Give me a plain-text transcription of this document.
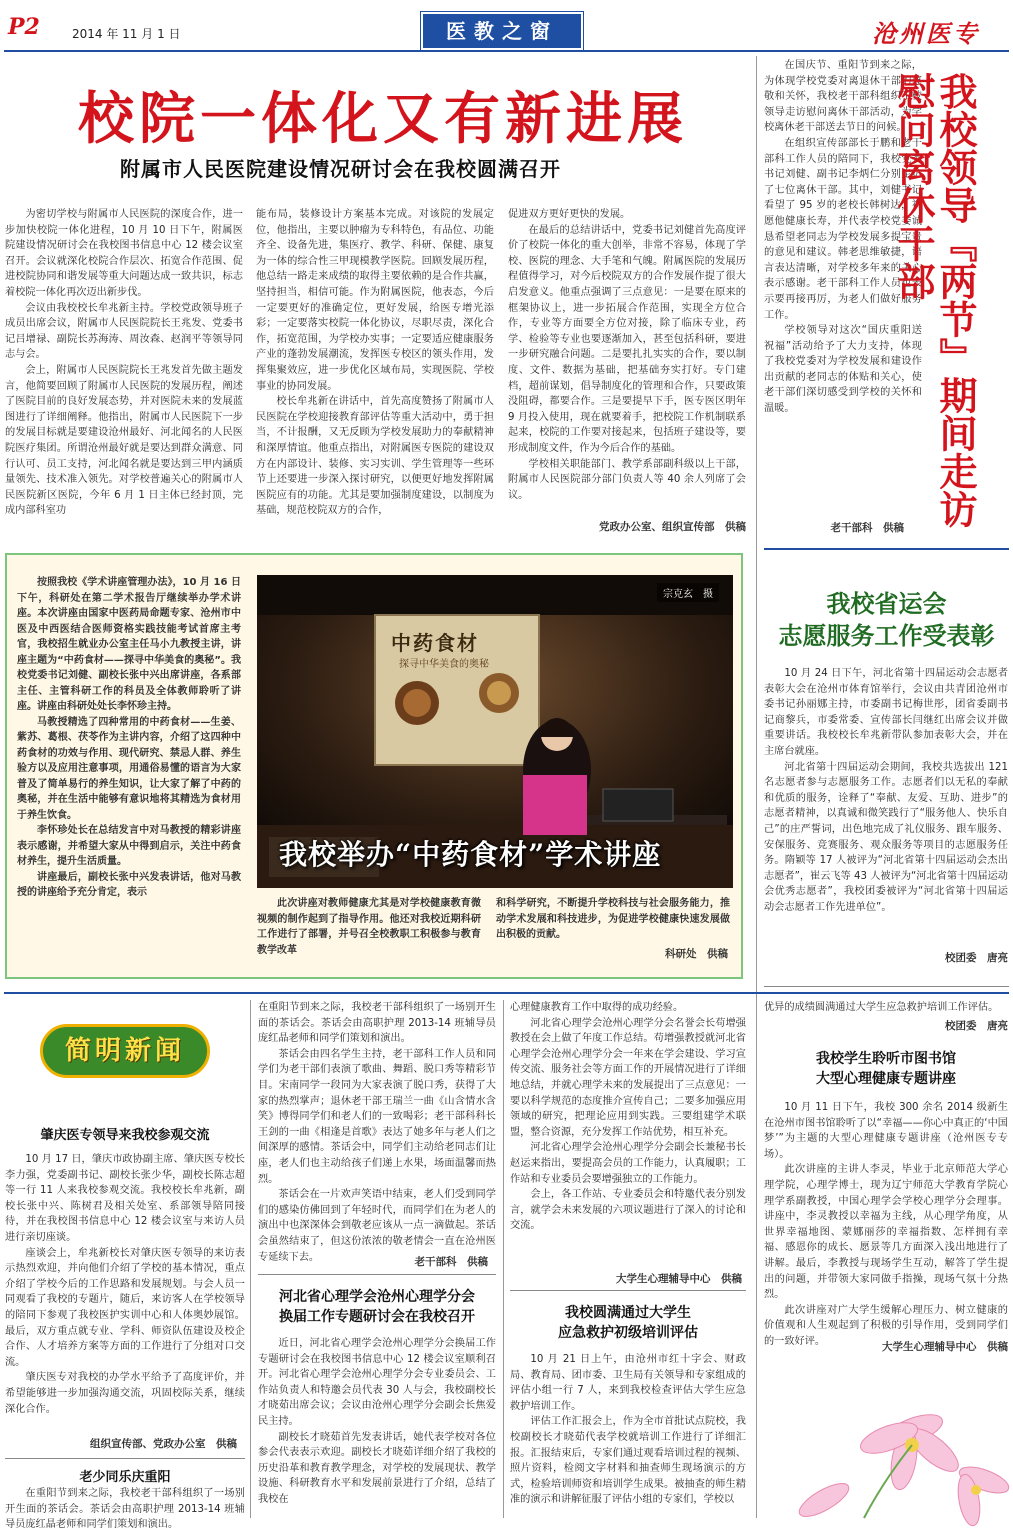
P2	2014 年 11 月 1 日	医教之窗	沧州医专
校院一体化又有新进展
附属市人民医院建设情况研讨会在我校圆满召开

为密切学校与附属市人民医院的深度合作，进一步加快校院一体化进程，10 月 10 日下午，附属医院建设情况研讨会在我校图书信息中心 12 楼会议室召开。会议就深化校院合作层次、拓宽合作范围、促进校院协同和谐发展等重大问题达成一致共识，标志着校院一体化再次迈出新步伐。

会议由我校校长牟兆新主持。学校党政领导班子成员出席会议，附属市人民医院院长王兆发、党委书记吕增禄、副院长苏海涛、周汝森、赵润平等领导同志与会。

会上，附属市人民医院院长王兆发首先做主题发言，他简要回顾了附属市人民医院的发展历程，阐述了医院目前的良好发展态势，并对医院未来的发展蓝图进行了详细阐释。他指出，附属市人民医院下一步的发展目标就是要建设沧州最好、河北闻名的人民医院医疗集团。所谓沧州最好就是要达到群众满意、同行认可、员工支持，河北闻名就是要达到三甲内涵质量领先、技术准入领先。对学校普遍关心的附属市人民医院新区医院，今年 6 月 1 日主体已经封顶，完成内部科室功

能布局，装修设计方案基本完成。对该院的发展定位，他指出，主要以肿瘤为专科特色，有品位、功能齐全、设备先进，集医疗、教学、科研、保健、康复为一体的综合性三甲现模教学医院。回顾发展历程，他总结一路走来成绩的取得主要依赖的是合作共赢，坚持担当，相信可能。作为附属医院，他表态，今后一定要更好的准确定位，更好发展，给医专增光添彩；一定要落实校院一体化协议，尽职尽责，深化合作，拓宽范围，为学校办实事；一定要适应健康服务产业的蓬勃发展潮流，发挥医专校区的领头作用，发挥集聚效应，进一步优化区域布局，实现医院、学校事业的协同发展。

校长牟兆新在讲话中，首先高度赞扬了附属市人民医院在学校迎接教育部评估等重大活动中，勇于担当，不计报酬，又无反顾为学校发展助力的奉献精神和深厚情谊。他重点指出，对附属医专医院的建设双方在内部设计、装修、实习实训、学生管理等一些环节上还要进一步深入探讨研究，以便更好地发挥附属医院应有的功能。尤其是要加强制度建设，以制度为基础，规范校院双方的合作，

促进双方更好更快的发展。

在最后的总结讲话中，党委书记刘健首先高度评价了校院一体化的重大创举，非常不容易，体现了学校、医院的理念、大手笔和气魄。附属医院的发展历程值得学习，对今后校院双方的合作发展作提了很大启发意义。他重点强调了三点意见：一是要在原来的框架协议上，进一步拓展合作范围，实现全方位合作，专业等方面要全方位对接，除了临床专业，药学、检验等专业也要逐渐加入，甚至包括科研，要进一步研究融合问题。二是要扎扎实实的合作，要以制度、文件、数据为基础，把基础夯实打好。专门建档，超前谋划，倡导制度化的管理和合作，只要政策没阻碍，都要合作。三是要提早下手，医专医区明年 9 月投入使用，现在就要着手，把校院工作机制联系起来，校院的工作要对接起来，包括班子建设等，要形成制度文件，作为今后合作的基础。

学校相关职能部门、教学系部副科级以上干部，附属市人民医院部分部门负责人等 40 余人列席了会议。

党政办公室、组织宣传部　供稿

在国庆节、重阳节到来之际，为体现学校党委对离退休干部的尊敬和关怀，我校老干部科组织了校领导走访慰问离休干部活动，为学校离休老干部送去节日的问候。

在组织宣传部部长于鹏和老干部科工作人员的陪同下，我校党委书记刘健、副书记李炳仁分别走访了七位离休干部。其中，刘健书记看望了 95 岁的老校长韩树达，祝愿他健康长寿，并代表学校党委诚恳希望老同志为学校发展多提宝贵的意见和建议。韩老思维敏捷，语言表达清晰，对学校多年来的关心表示感谢。老干部科工作人员也表示要再接再厉，为老人们做好服务工作。

学校领导对这次“国庆重阳送祝福”活动给予了大力支持，体现了我校党委对为学校发展和建设作出贡献的老同志的体贴和关心，使老干部们深切感受到学校的关怀和温暖。

老干部科　供稿 我校领导『两节』期间走访慰问离休干部

按照我校《学术讲座管理办法》，10 月 16 日下午，科研处在第二学术报告厅继续举办学术讲座。本次讲座由国家中医药局命题专家、沧州市中医及中西医结合医师资格实践技能考试首席主考官，我校招生就业办公室主任马小九教授主讲，讲座主题为“中药食材——探寻中华美食的奥秘”。我校党委书记刘健、副校长张中兴出席讲座，各系部主任、主管科研工作的科员及全体教师聆听了讲座。讲座由科研处处长李怀珍主持。

马教授精选了四种常用的中药食材——生姜、紫苏、葛根、茯苓作为主讲内容，介绍了这四种中药食材的功效与作用、现代研究、禁忌人群、养生验方以及应用注意事项，用通俗易懂的语言为大家普及了简单易行的养生知识，让大家了解了中药的奥秘，并在生活中能够有意识地将其精选为食材用于养生饮食。

李怀珍处长在总结发言中对马教授的精彩讲座表示感谢，并希望大家从中得到启示，关注中药食材养生，提升生活质量。

讲座最后，副校长张中兴发表讲话，他对马教授的讲座给予充分肯定，表示

中药食材
探寻中华美食的奥秘
宗克玄　摄
我校举办“中药食材”学术讲座

此次讲座对教师健康尤其是对学校健康教育微视频的制作起到了指导作用。他还对我校近期科研工作进行了部署，并号召全校教职工积极参与教育教学改革

和科学研究，不断提升学校科技与社会服务能力，推动学术发展和科技进步，为促进学校健康快速发展做出积极的贡献。

科研处　供稿
我校省运会
志愿服务工作受表彰

10 月 24 日下午，河北省第十四届运动会志愿者表彰大会在沧州市体育馆举行，会议由共青团沧州市委书记孙丽娜主持，市委副书记梅世彤，团省委副书记商黎兵，市委常委、宣传部长闫继红出席会议并做重要讲话。我校校长牟兆新带队参加表彰大会，并在主席台就座。

河北省第十四届运动会期间，我校共选拔出 121 名志愿者参与志愿服务工作。志愿者们以无私的奉献和优质的服务，诠释了“奉献、友爱、互助、进步”的志愿者精神，以真诚和微笑践行了“服务他人、快乐自己”的庄严誓词，出色地完成了礼仪服务、跟车服务、安保服务、竞赛服务、观众服务等项目的志愿服务任务。隋颖等 17 人被评为“河北省第十四届运动会杰出志愿者”，崔云飞等 43 人被评为“河北省第十四届运动会优秀志愿者”，我校团委被评为“河北省第十四届运动会志愿者工作先进单位”。

校团委　唐亮
简明新闻
肇庆医专领导来我校参观交流

10 月 17 日，肇庆市政协副主席、肇庆医专校长李力强，党委副书记、副校长张少华，副校长陈志超等一行 11 人来我校参观交流。我校校长牟兆新，副校长张中兴、陈树君及相关处室、系部领导陪同接待，并在我校图书信息中心 12 楼会议室与来访人员进行亲切座谈。

座谈会上，牟兆新校长对肇庆医专领导的来访表示热烈欢迎，并向他们介绍了学校的基本情况，重点介绍了学校今后的工作思路和发展规划。与会人员一同观看了我校的专题片，随后，来访客人在学校领导的陪同下参观了我校医护实训中心和人体奥妙展馆。最后，双方重点就专业、学科、师资队伍建设及校企合作、人才培养方案等方面的工作进行了分组对口交流。

肇庆医专对我校的办学水平给予了高度评价，并希望能够进一步加强沟通交流，巩固校际关系，继续深化合作。

组织宣传部、党政办公室　供稿
老少同乐庆重阳

在重阳节到来之际，我校老干部科组织了一场别开生面的茶话会。茶话会由高职护理 2013-14 班辅导员庞红晶老师和同学们策划和演出。

在重阳节到来之际，我校老干部科组织了一场别开生面的茶话会。茶话会由高职护理 2013-14 班辅导员庞红晶老师和同学们策划和演出。

茶话会由四名学生主持，老干部科工作人员和同学们为老干部们表演了歌曲、舞蹈、脱口秀等精彩节目。宋南同学一段同为大家表演了脱口秀，获得了大家的热烈掌声；退休老干部王瑞兰一曲《山含情水含笑》博得同学们和老人们的一致喝彩；老干部科科长王剑的一曲《相逢是首歌》表达了她多年与老人们之间深厚的感情。茶话会中，同学们主动给老同志们让座，老人们也主动给孩子们递上水果，场面温馨而热烈。

茶话会在一片欢声笑语中结束，老人们受到同学们的感染仿佛回到了年轻时代，而同学们在为老人的演出中也深深体会到敬老应该从一点一滴做起。茶话会虽然结束了，但这份浓浓的敬老情会一直在沧州医专延续下去。	老干部科　供稿
河北省心理学会沧州心理学分会
换届工作专题研讨会在我校召开

近日，河北省心理学会沧州心理学分会换届工作专题研讨会在我校图书信息中心 12 楼会议室顺利召开。河北省心理学会沧州心理学分会专业委员会、工作站负责人和特邀会员代表 30 人与会，我校副校长才晓茹出席会议；会议由沧州心理学分会副会长焦爱民主持。

副校长才晓茹首先发表讲话，她代表学校对各位参会代表表示欢迎。副校长才晓茹详细介绍了我校的历史沿革和教育教学理念，对学校的发展现状、教学设施、科研教育水平和发展前景进行了介绍，总结了我校在

心理健康教育工作中取得的成功经验。

河北省心理学会沧州心理学分会名誉会长苟增强教授在会上做了年度工作总结。苟增强教授就河北省心理学会沧州心理学分会一年来在学会建设、学习宣传交流、服务社会等方面工作的开展情况进行了详细地总结，并就心理学未来的发展提出了三点意见：一要以科学规范的态度推介宣传自己；二要多加强应用领域的研究，把理论应用到实践。三要组建学术联盟，整合资源，充分发挥工作站优势，相互补充。

河北省心理学会沧州心理学分会副会长兼秘书长赵运来指出，要提高会员的工作能力，认真履职；工作站和专业委员会要增强独立的工作能力。

会上，各工作站、专业委员会和特邀代表分别发言，就学会未来发展的六项议题进行了深入的讨论和交流。

大学生心理辅导中心　供稿
我校圆满通过大学生
应急救护初级培训评估

10 月 21 日上午，由沧州市红十字会、财政局、教育局、团市委、卫生局有关领导和专家组成的评估小组一行 7 人，来到我校检查评估大学生应急救护培训工作。

评估工作汇报会上，作为全市首批试点院校，我校副校长才晓茹代表学校就培训工作进行了详细汇报。汇报结束后，专家们通过观看培训过程的视频、照片资料，检阅文字材料和抽查师生现场演示的方式，检验培训师资和培训学生成果。被抽查的师生精准的演示和讲解征服了评估小组的专家们，学校以

优异的成绩圆满通过大学生应急救护培训工作评估。

校团委　唐亮
我校学生聆听市图书馆
大型心理健康专题讲座

10 月 11 日下午，我校 300 余名 2014 级新生在沧州市图书馆聆听了以“幸福——你心中真正的‘中国梦’”为主题的大型心理健康专题讲座（沧州医专专场）。

此次讲座的主讲人李灵，毕业于北京师范大学心理学院，心理学博士，现为辽宁师范大学教育学院心理学系副教授，中国心理学会学校心理学分会理事。讲座中，李灵教授以幸福为主线，从心理学角度，从世界幸福地图、蒙娜丽莎的幸福指数、怎样拥有幸福、感恩你的成长、愿景等几方面深入浅出地进行了讲解。最后，李教授与现场学生互动，解答了学生提出的问题，并带领大家同做手指操，现场气氛十分热烈。

此次讲座对广大学生缓解心理压力、树立健康的价值观和人生观起到了积极的引导作用，受到同学们的一致好评。	大学生心理辅导中心　供稿
